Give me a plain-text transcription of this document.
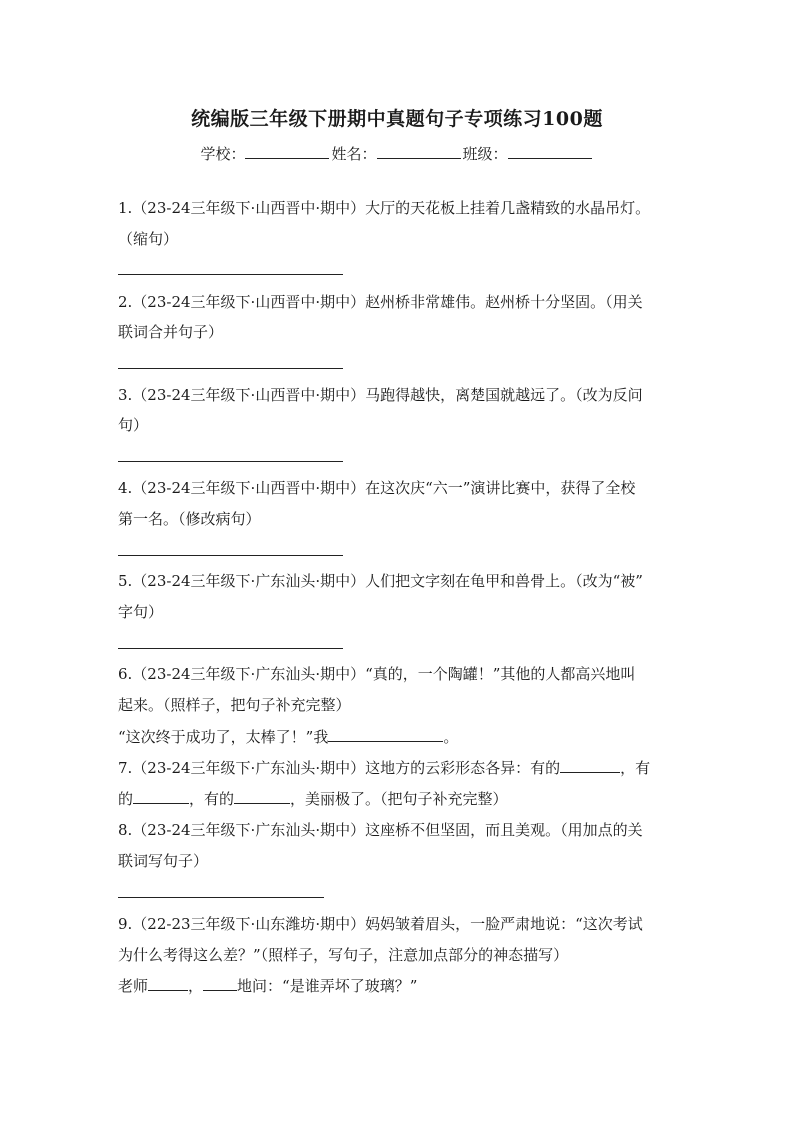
统编版三年级下册期中真题句子专项练习100题
学校：	姓名：	班级：
1.（23-24三年级下·山西晋中·期中）大厅的天花板上挂着几盏精致的水晶吊灯。
（缩句）
2.（23-24三年级下·山西晋中·期中）赵州桥非常雄伟。赵州桥十分坚固。（用关
联词合并句子）
3.（23-24三年级下·山西晋中·期中）马跑得越快，离楚国就越远了。（改为反问
句）
4.（23-24三年级下·山西晋中·期中）在这次庆“六一”演讲比赛中，获得了全校
第一名。（修改病句）
5.（23-24三年级下·广东汕头·期中）人们把文字刻在龟甲和兽骨上。（改为“被”
字句）
6.（23-24三年级下·广东汕头·期中）“真的，一个陶罐！”其他的人都高兴地叫
起来。（照样子，把句子补充完整）
“这次终于成功了，太棒了！”我	。
7.（23-24三年级下·广东汕头·期中）这地方的云彩形态各异：有的	，有
的	，有的	，美丽极了。（把句子补充完整）
8.（23-24三年级下·广东汕头·期中）这座桥不但坚固，而且美观。（用加点的关
联词写句子）
9.（22-23三年级下·山东潍坊·期中）妈妈皱着眉头，一脸严肃地说：“这次考试
为什么考得这么差？”（照样子，写句子，注意加点部分的神态描写）
老师	， 地问：“是谁弄坏了玻璃？”
